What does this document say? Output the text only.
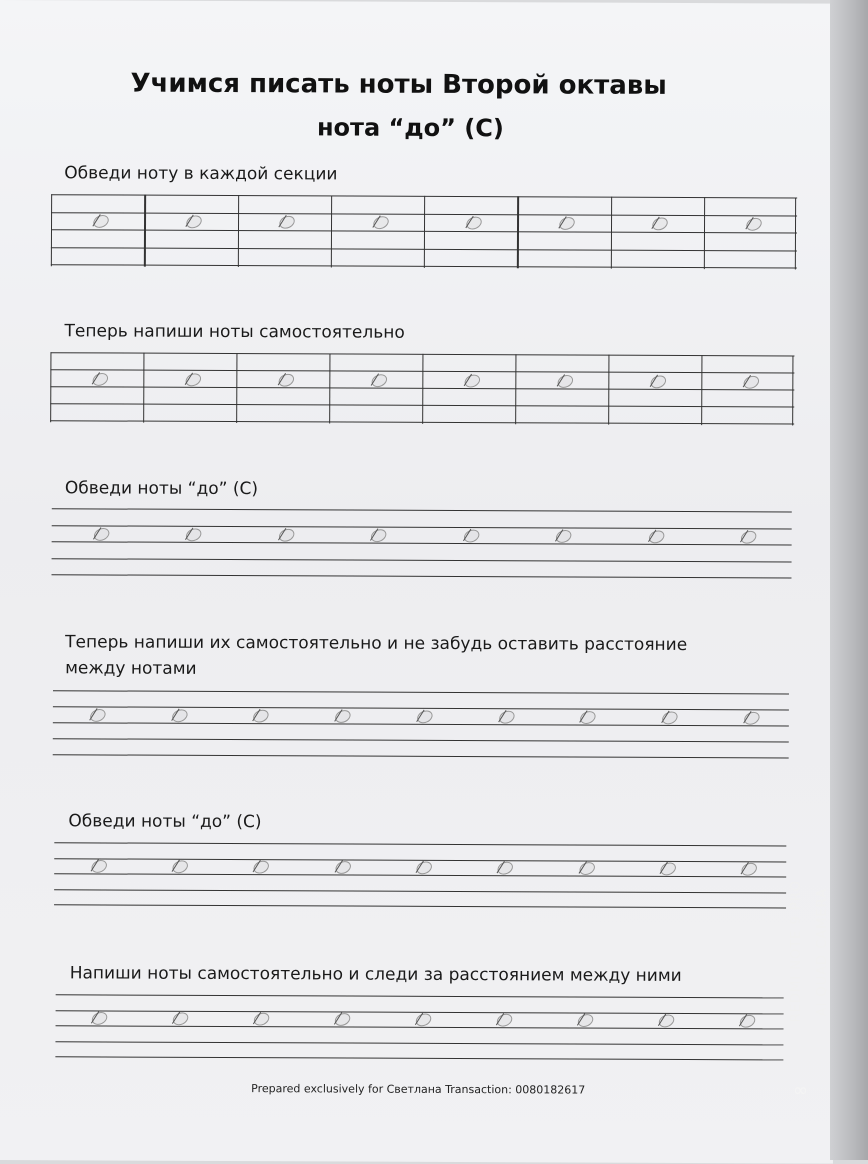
Учимся писать ноты Второй октавы
нота “до” (C)

Обведи ноту в каждой секции

Теперь напиши ноты самостоятельно

Обведи ноты “до” (C)

Теперь напиши их самостоятельно и не забудь оставить расстояние между нотами

Обведи ноты “до” (C)

Напиши ноты самостоятельно и следи за расстоянием между ними

Prepared exclusively for Светлана Transaction: 0080182617

REDMI NOTE 9 PRO AI QUAD CAMERA
∞
